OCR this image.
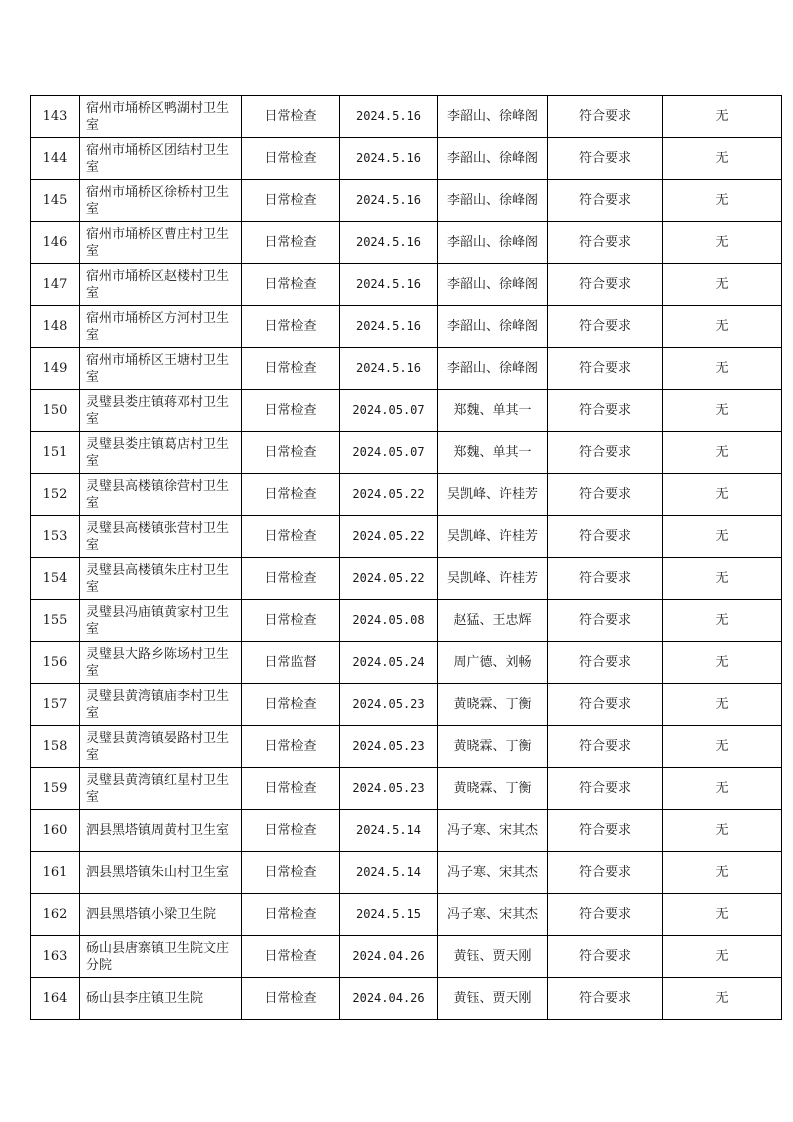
143	宿州市埇桥区鸭湖村卫生室	日常检查	2024.5.16	李韶山、徐峰阁	符合要求	无
144	宿州市埇桥区团结村卫生室	日常检查	2024.5.16	李韶山、徐峰阁	符合要求	无
145	宿州市埇桥区徐桥村卫生室	日常检查	2024.5.16	李韶山、徐峰阁	符合要求	无
146	宿州市埇桥区曹庄村卫生室	日常检查	2024.5.16	李韶山、徐峰阁	符合要求	无
147	宿州市埇桥区赵楼村卫生室	日常检查	2024.5.16	李韶山、徐峰阁	符合要求	无
148	宿州市埇桥区方河村卫生室	日常检查	2024.5.16	李韶山、徐峰阁	符合要求	无
149	宿州市埇桥区王塘村卫生室	日常检查	2024.5.16	李韶山、徐峰阁	符合要求	无
150	灵璧县娄庄镇蒋邓村卫生室	日常检查	2024.05.07	郑魏、单其一	符合要求	无
151	灵璧县娄庄镇葛店村卫生室	日常检查	2024.05.07	郑魏、单其一	符合要求	无
152	灵璧县高楼镇徐营村卫生室	日常检查	2024.05.22	吴凯峰、许桂芳	符合要求	无
153	灵璧县高楼镇张营村卫生室	日常检查	2024.05.22	吴凯峰、许桂芳	符合要求	无
154	灵璧县高楼镇朱庄村卫生室	日常检查	2024.05.22	吴凯峰、许桂芳	符合要求	无
155	灵璧县冯庙镇黄家村卫生室	日常检查	2024.05.08	赵猛、王忠辉	符合要求	无
156	灵璧县大路乡陈场村卫生室	日常监督	2024.05.24	周广德、刘畅	符合要求	无
157	灵璧县黄湾镇庙李村卫生室	日常检查	2024.05.23	黄晓霖、丁衡	符合要求	无
158	灵璧县黄湾镇晏路村卫生室	日常检查	2024.05.23	黄晓霖、丁衡	符合要求	无
159	灵璧县黄湾镇红星村卫生室	日常检查	2024.05.23	黄晓霖、丁衡	符合要求	无
160	泗县黑塔镇周黄村卫生室	日常检查	2024.5.14	冯子寒、宋其杰	符合要求	无
161	泗县黑塔镇朱山村卫生室	日常检查	2024.5.14	冯子寒、宋其杰	符合要求	无
162	泗县黑塔镇小梁卫生院	日常检查	2024.5.15	冯子寒、宋其杰	符合要求	无
163	砀山县唐寨镇卫生院文庄分院	日常检查	2024.04.26	黄钰、贾天刚	符合要求	无
164	砀山县李庄镇卫生院	日常检查	2024.04.26	黄钰、贾天刚	符合要求	无
